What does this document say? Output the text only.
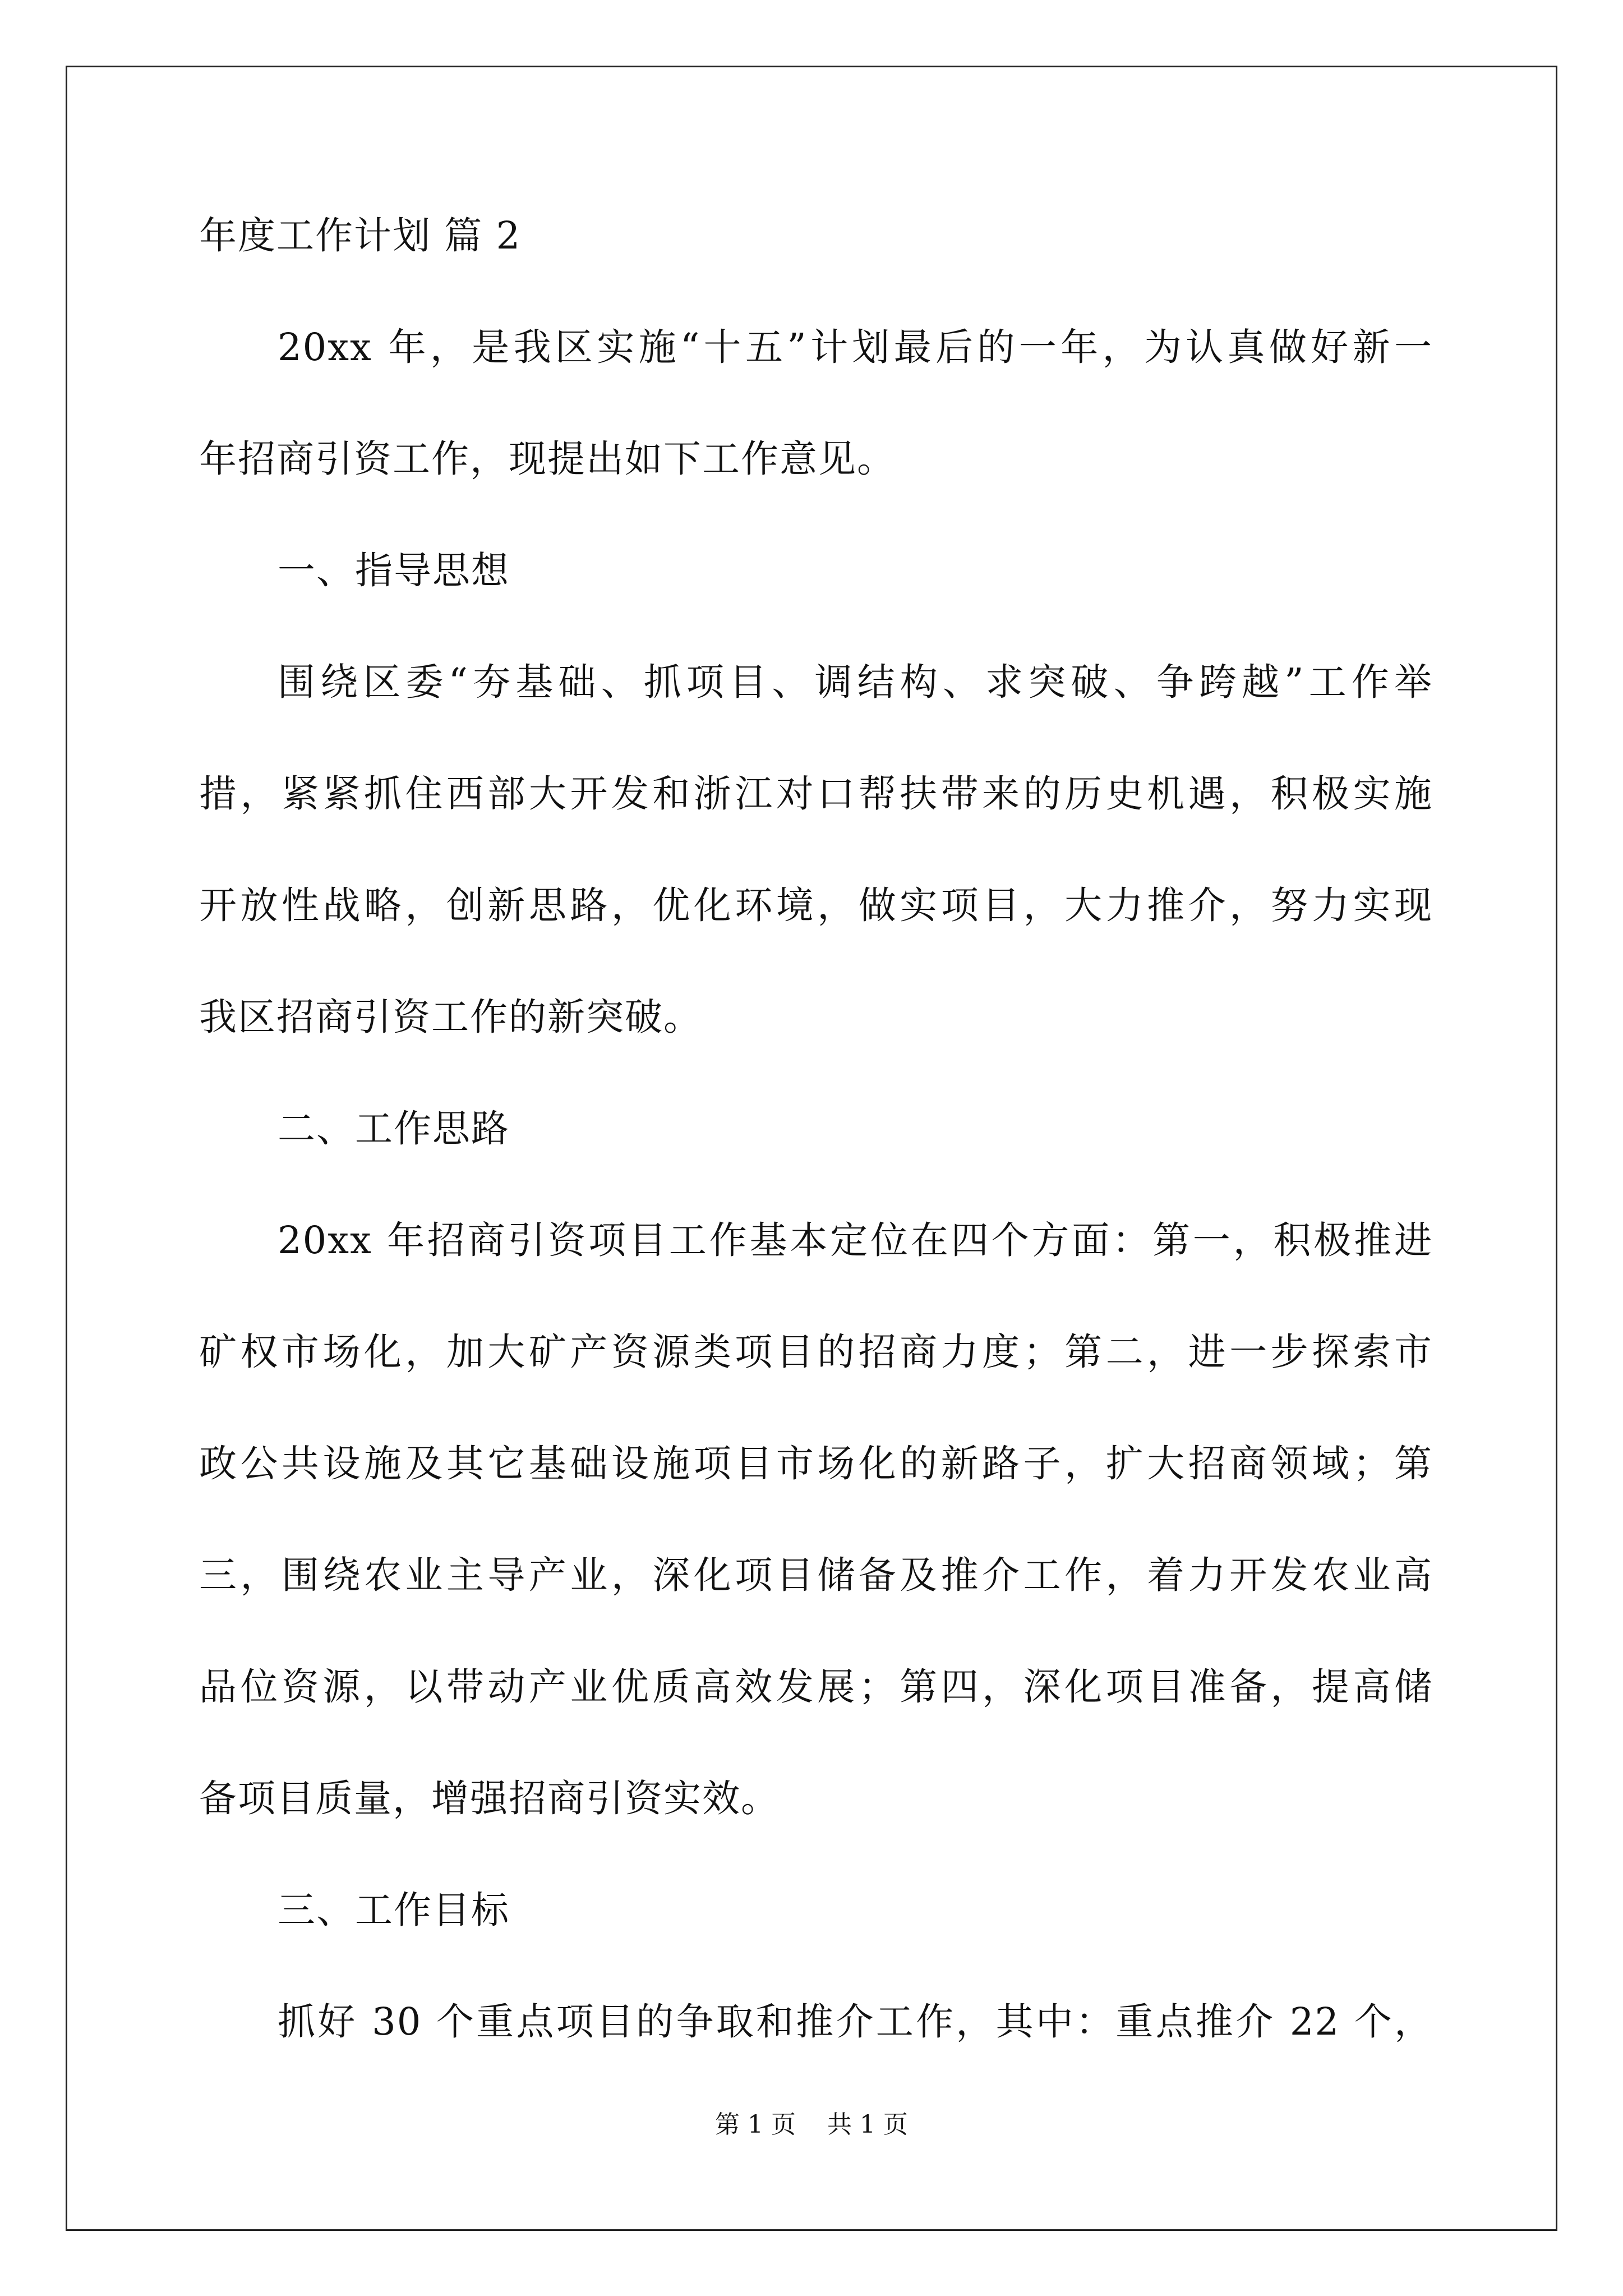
年度工作计划 篇 2
20xx 年，是我区实施“十五”计划最后的一年，为认真做好新一
年招商引资工作，现提出如下工作意见。
一、指导思想
围绕区委“夯基础、抓项目、调结构、求突破、争跨越”工作举
措，紧紧抓住西部大开发和浙江对口帮扶带来的历史机遇，积极实施
开放性战略，创新思路，优化环境，做实项目，大力推介，努力实现
我区招商引资工作的新突破。
二、工作思路
20xx 年招商引资项目工作基本定位在四个方面：第一，积极推进
矿权市场化，加大矿产资源类项目的招商力度；第二，进一步探索市
政公共设施及其它基础设施项目市场化的新路子，扩大招商领域；第
三，围绕农业主导产业，深化项目储备及推介工作，着力开发农业高
品位资源，以带动产业优质高效发展；第四，深化项目准备，提高储
备项目质量，增强招商引资实效。
三、工作目标
抓好 30 个重点项目的争取和推介工作，其中：重点推介 22 个，
第 1 页    共 1 页
